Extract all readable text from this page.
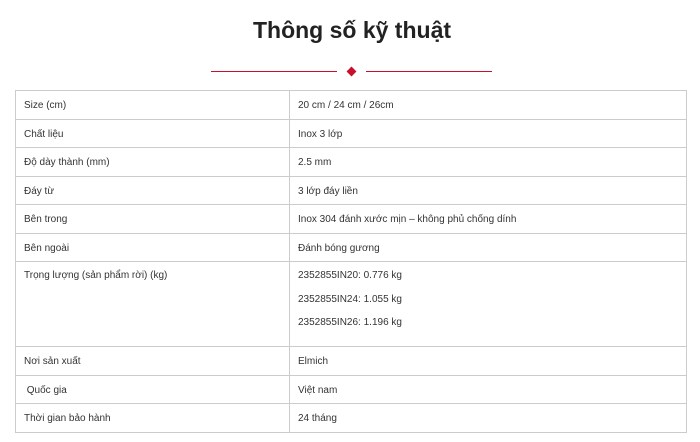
Thông số kỹ thuật
Size (cm)	20 cm / 24 cm / 26cm
Chất liệu	Inox 3 lớp
Độ dày thành (mm)	2.5 mm
Đáy từ	3 lớp đáy liền
Bên trong	Inox 304 đánh xước mịn – không phủ chống dính
Bên ngoài	Đánh bóng gương
Trọng lượng (sản phẩm rời) (kg)	2352855IN20: 0.776 kg
2352855IN24: 1.055 kg
2352855IN26: 1.196 kg

Nơi sản xuất	Elmich
Quốc gia	Việt nam
Thời gian bảo hành	24 tháng
